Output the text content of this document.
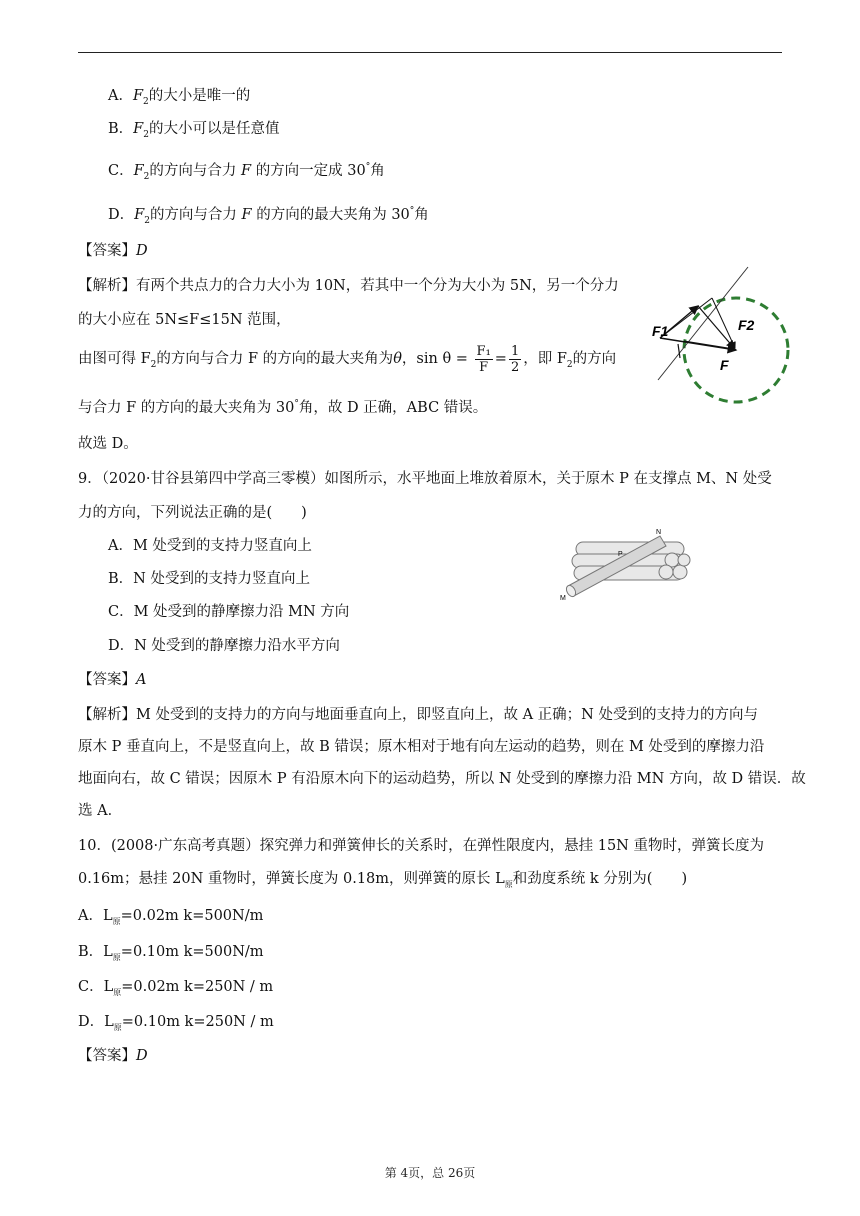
A．$F_2$的大小是唯一的
B．$F_2$的大小可以是任意值
C．$F_2$的方向与合力 F 的方向一定成 30°角
D．$F_2$的方向与合力 F 的方向的最大夹角为 30°角
【答案】D
【解析】有两个共点力的合力大小为 10N，若其中一个分为大小为 5N，另一个分力
的大小应在 5N≤F≤15N 范围，
由图可得 $F_2$的方向与合力 F 的方向的最大夹角为θ，$\sin \theta = \frac{\text{F₁}}{F} = \frac{1}{2}$ ，即 $F_2$的方向
与合力 F 的方向的最大夹角为 30°角，故 D 正确，ABC 错误。
故选 D。
F1	F2
F
9．（2020·甘谷县第四中学高三零模）如图所示，水平地面上堆放着原木，关于原木 P 在支撑点 M、N 处受
力的方向，下列说法正确的是(　　)
A．M 处受到的支持力竖直向上
B．N 处受到的支持力竖直向上
C．M 处受到的静摩擦力沿 MN 方向
D．N 处受到的静摩擦力沿水平方向
M
N
P
【答案】A
【解析】M 处受到的支持力的方向与地面垂直向上，即竖直向上，故 A 正确；N 处受到的支持力的方向与
原木 P 垂直向上，不是竖直向上，故 B 错误；原木相对于地有向左运动的趋势，则在 M 处受到的摩擦力沿
地面向右，故 C 错误；因原木 P 有沿原木向下的运动趋势，所以 N 处受到的摩擦力沿 MN 方向，故 D 错误．故
选 A．
10．(2008·广东高考真题）探究弹力和弹簧伸长的关系时，在弹性限度内，悬挂 15N 重物时，弹簧长度为
0.16m；悬挂 20N 重物时，弹簧长度为 0.18m，则弹簧的原长 $L_原$和劲度系统 k 分别为(　　)
A．$L_原=0.02m$ k=500N/m
B．$L_原=0.10m$ k=500N/m
C．$L_原=0.02m$ k=250N / m
D．$L_原=0.10m$ k=250N / m
【答案】D
第 4页，总 26页
